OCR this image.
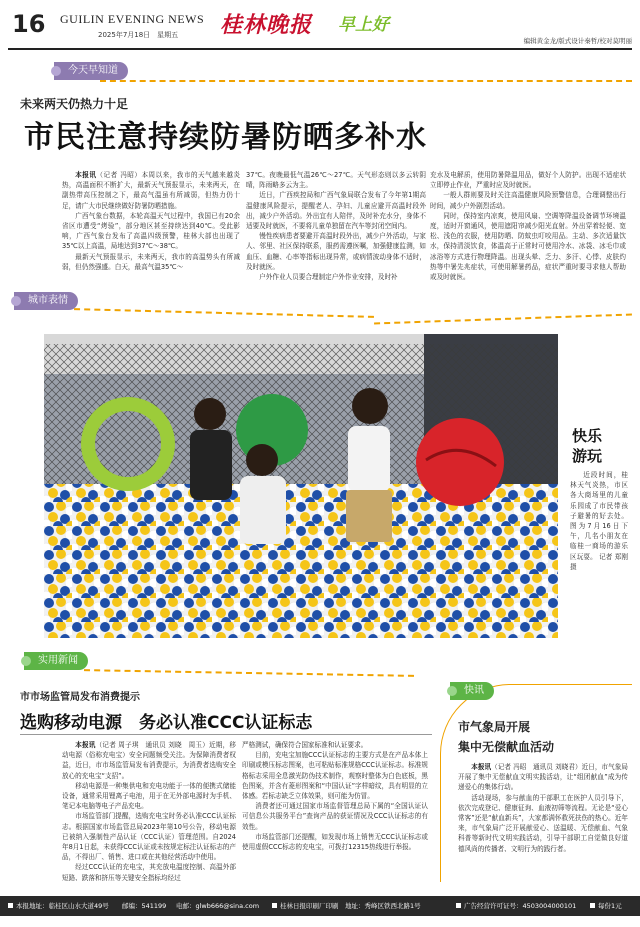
16 GUILIN EVENING NEWS
2025年7月18日　星期五 桂林晚报 早上好
编辑黄金龙/版式设计秦哲/校对莫明丽
今天早知道
未来两天仍热力十足
市民注意持续防暑防晒多补水

本报讯（记者 冯昭）本周以来，我市的天气越来越炎热，高温面积不断扩大，最新天气预报显示，未来两天，在副热带高压控制之下，最高气温虽有所减弱，但热力仍十足，请广大市民继续做好防暑防晒措施。

广西气象台数据，本轮高温天气过程中，我国已有20余省区市遭受“烤验”，部分地区甚至持续达到40℃。受此影响，广西气象台发布了高温四级预警，桂林大部也出现了35℃以上高温，局地达到37℃～38℃。

最新天气预报显示，未来两天，我市的高温势头有所减弱，但仍然强盛。白天，最高气温35℃～

37℃。夜晚最低气温26℃～27℃。天气形态则以多云转阴晴，阵雨略多云为主。

近日，广西疾控局和广西气象局联合发布了今年第1期高温健康风险提示，提醒老人、孕妇、儿童应避开高温时段外出，减少户外活动。外出宜有人陪伴，及时补充水分，身体不适要及时就医，不要将儿童单独留在汽车等封闭空间内。

慢性疾病患者要避开高温时段外出，减少户外活动，与家人、邻里、社区保持联系，服药需遵医嘱，加强健康监测，如血压、血糖、心率等指标出现异常，或病情波动身体不适时，及时就医。

户外作业人员要合理制定户外作业安排，及时补

充水及电解质，使用防暑降温用品，做好个人防护。出现不适症状立即停止作业，严重时应及时就医。

一般人群则要及时关注高温健康风险预警信息，合理调整出行时间，减少户外剧烈活动。

同时，保持室内凉爽，使用风扇、空调等降温设备调节环境温度，适时开窗通风，使用遮阳帘减少阳光直射。外出穿着轻便、宽松、浅色的衣服，使用防晒、防蚊虫叮咬用品。主动、多次适量饮水，保持清淡饮食，体温高于正常时可使用冷水、冰袋、冰毛巾或冰浴等方式进行物理降温。出现头晕、乏力、多汗、心悸、皮肤灼热等中暑先兆症状，可使用解暑药品，症状严重时要寻求他人帮助或及时就医。

城市表情
快乐游玩
近段时间，桂林天气炎热，市区各大商场里的儿童乐园成了市民带孩子避暑的好去处。图为7月16日下午，几名小朋友在临桂一商场的游乐区玩耍。 记者 郑刚 摄
实用新闻
市市场监管局发布消费提示
选购移动电源　务必认准CCC认证标志

本报讯（记者 周子琪　通讯员 刘晓　周玉）近期，移动电源（俗称充电宝）安全问题频受关注。为保障消费者权益，近日，市市场监管局发布消费提示，为消费者选购安全放心的充电宝“支招”。

移动电源是一种集供电和充电功能于一体的便携式储能设备，通常采用锂离子电池，用于在无外部电源时为手机、笔记本电脑等电子产品充电。

市场监管部门提醒，选购充电宝时务必认准CCC认证标志。根据国家市场监管总局2023年第10号公告，移动电源已被纳入强制性产品认证（CCC认证）管理范围。自2024年8月1日起，未获得CCC认证或未按规定标注认证标志的产品，不得出厂、销售、进口或在其他经营活动中使用。

经过CCC认证的充电宝，其充放电温度控制、高温外部短路、跌落和挤压等关键安全指标均经过

严格测试，确保符合国家标准和认证要求。

目前，充电宝加施CCC认证标志的主要方式是在产品本体上印刷或模压标志图案，也可粘贴标准规格CCC认证标志。标准规格标志采用全息激光防伪技术制作，观察时整体为白色底板，黑色图案，并含有菱形图案和“中国认证”字样暗纹，具有明显的立体感。若标志缺乏立体效果，则可能为仿冒。

消费者还可通过国家市场监督管理总局下属的“全国认证认可信息公共服务平台”查询产品的获证情况及CCC认证标志的有效性。

市场监管部门还提醒，如发现市场上销售无CCC认证标志或使用虚假CCC标志的充电宝，可拨打12315热线进行举报。

快讯
市气象局开展
集中无偿献血活动

本报讯（记者 冯昭　通讯员 刘晓君）近日，市气象局开展了集中无偿献血文明实践活动，让“组团献血”成为传递爱心的集体行动。

活动现场，参与献血的干部职工在医护人员引导下，依次完成登记、健康征询、血液初筛等流程。无论是“爱心常客”还是“献血新兵”，大家都满怀救死扶伤的热心。近年来，市气象局广泛开展献爱心、送温暖、无偿献血、气象科普等新时代文明实践活动，引导干部职工自觉做良好道德风尚的传播者、文明行为的践行者。

本报地址：临桂区山水大道49号 邮编：541199 电邮：glwb666@sina.com	桂林日报印刷厂印刷　地址：秀峰区铁西北路1号	广告经营许可证号：4503004000101	每份1元
